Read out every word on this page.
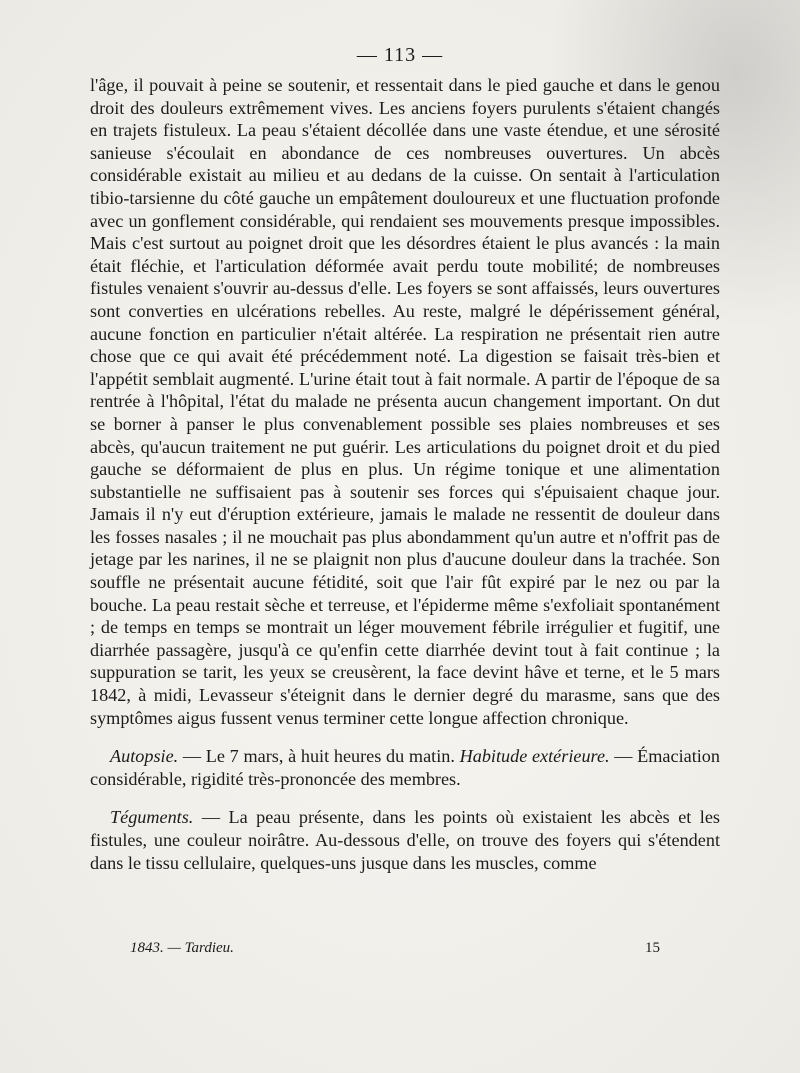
— 113 —

l'âge, il pouvait à peine se soutenir, et ressentait dans le pied gauche et dans le genou droit des douleurs extrêmement vives. Les anciens foyers purulents s'étaient changés en trajets fistuleux. La peau s'étaient décollée dans une vaste étendue, et une sérosité sanieuse s'écoulait en abondance de ces nombreuses ouvertures. Un abcès considérable existait au milieu et au dedans de la cuisse. On sentait à l'articulation tibio-tarsienne du côté gauche un empâtement douloureux et une fluctuation profonde avec un gonflement considérable, qui rendaient ses mouvements presque impossibles. Mais c'est surtout au poignet droit que les désordres étaient le plus avancés : la main était fléchie, et l'articulation déformée avait perdu toute mobilité; de nombreuses fistules venaient s'ouvrir au-dessus d'elle. Les foyers se sont affaissés, leurs ouvertures sont converties en ulcérations rebelles. Au reste, malgré le dépérissement général, aucune fonction en particulier n'était altérée. La respiration ne présentait rien autre chose que ce qui avait été précédemment noté. La digestion se faisait très-bien et l'appétit semblait augmenté. L'urine était tout à fait normale. A partir de l'époque de sa rentrée à l'hôpital, l'état du malade ne présenta aucun changement important. On dut se borner à panser le plus convenablement possible ses plaies nombreuses et ses abcès, qu'aucun traitement ne put guérir. Les articulations du poignet droit et du pied gauche se déformaient de plus en plus. Un régime tonique et une alimentation substantielle ne suffisaient pas à soutenir ses forces qui s'épuisaient chaque jour. Jamais il n'y eut d'éruption extérieure, jamais le malade ne ressentit de douleur dans les fosses nasales ; il ne mouchait pas plus abondamment qu'un autre et n'offrit pas de jetage par les narines, il ne se plaignit non plus d'aucune douleur dans la trachée. Son souffle ne présentait aucune fétidité, soit que l'air fût expiré par le nez ou par la bouche. La peau restait sèche et terreuse, et l'épiderme même s'exfoliait spontanément ; de temps en temps se montrait un léger mouvement fébrile irrégulier et fugitif, une diarrhée passagère, jusqu'à ce qu'enfin cette diarrhée devint tout à fait continue ; la suppuration se tarit, les yeux se creusèrent, la face devint hâve et terne, et le 5 mars 1842, à midi, Levasseur s'éteignit dans le dernier degré du marasme, sans que des symptômes aigus fussent venus terminer cette longue affection chronique.

Autopsie. — Le 7 mars, à huit heures du matin. Habitude extérieure. — Émaciation considérable, rigidité très-prononcée des membres.

Téguments. — La peau présente, dans les points où existaient les abcès et les fistules, une couleur noirâtre. Au-dessous d'elle, on trouve des foyers qui s'étendent dans le tissu cellulaire, quelques-uns jusque dans les muscles, comme

1843. — Tardieu.	15
